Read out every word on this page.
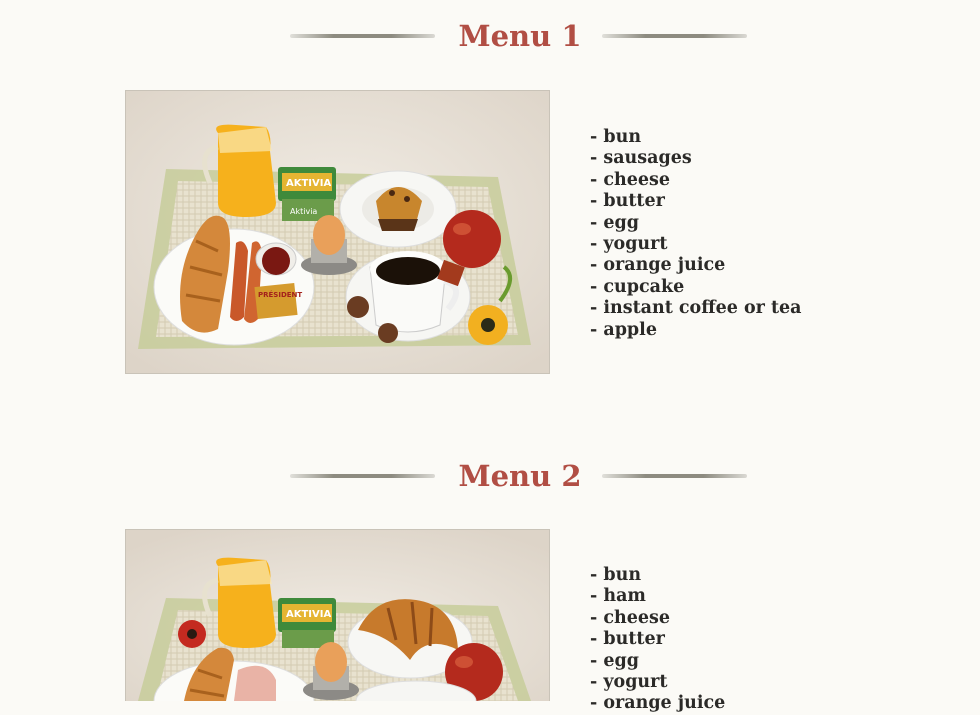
Menu 1
AKTIVIA
Aktivia
PRÉSIDENT
- bun
- sausages
- cheese
- butter
- egg
- yogurt
- orange juice
- cupcake
- instant coffee or tea
- apple
Menu 2
AKTIVIA
- bun
- ham
- cheese
- butter
- egg
- yogurt
- orange juice
